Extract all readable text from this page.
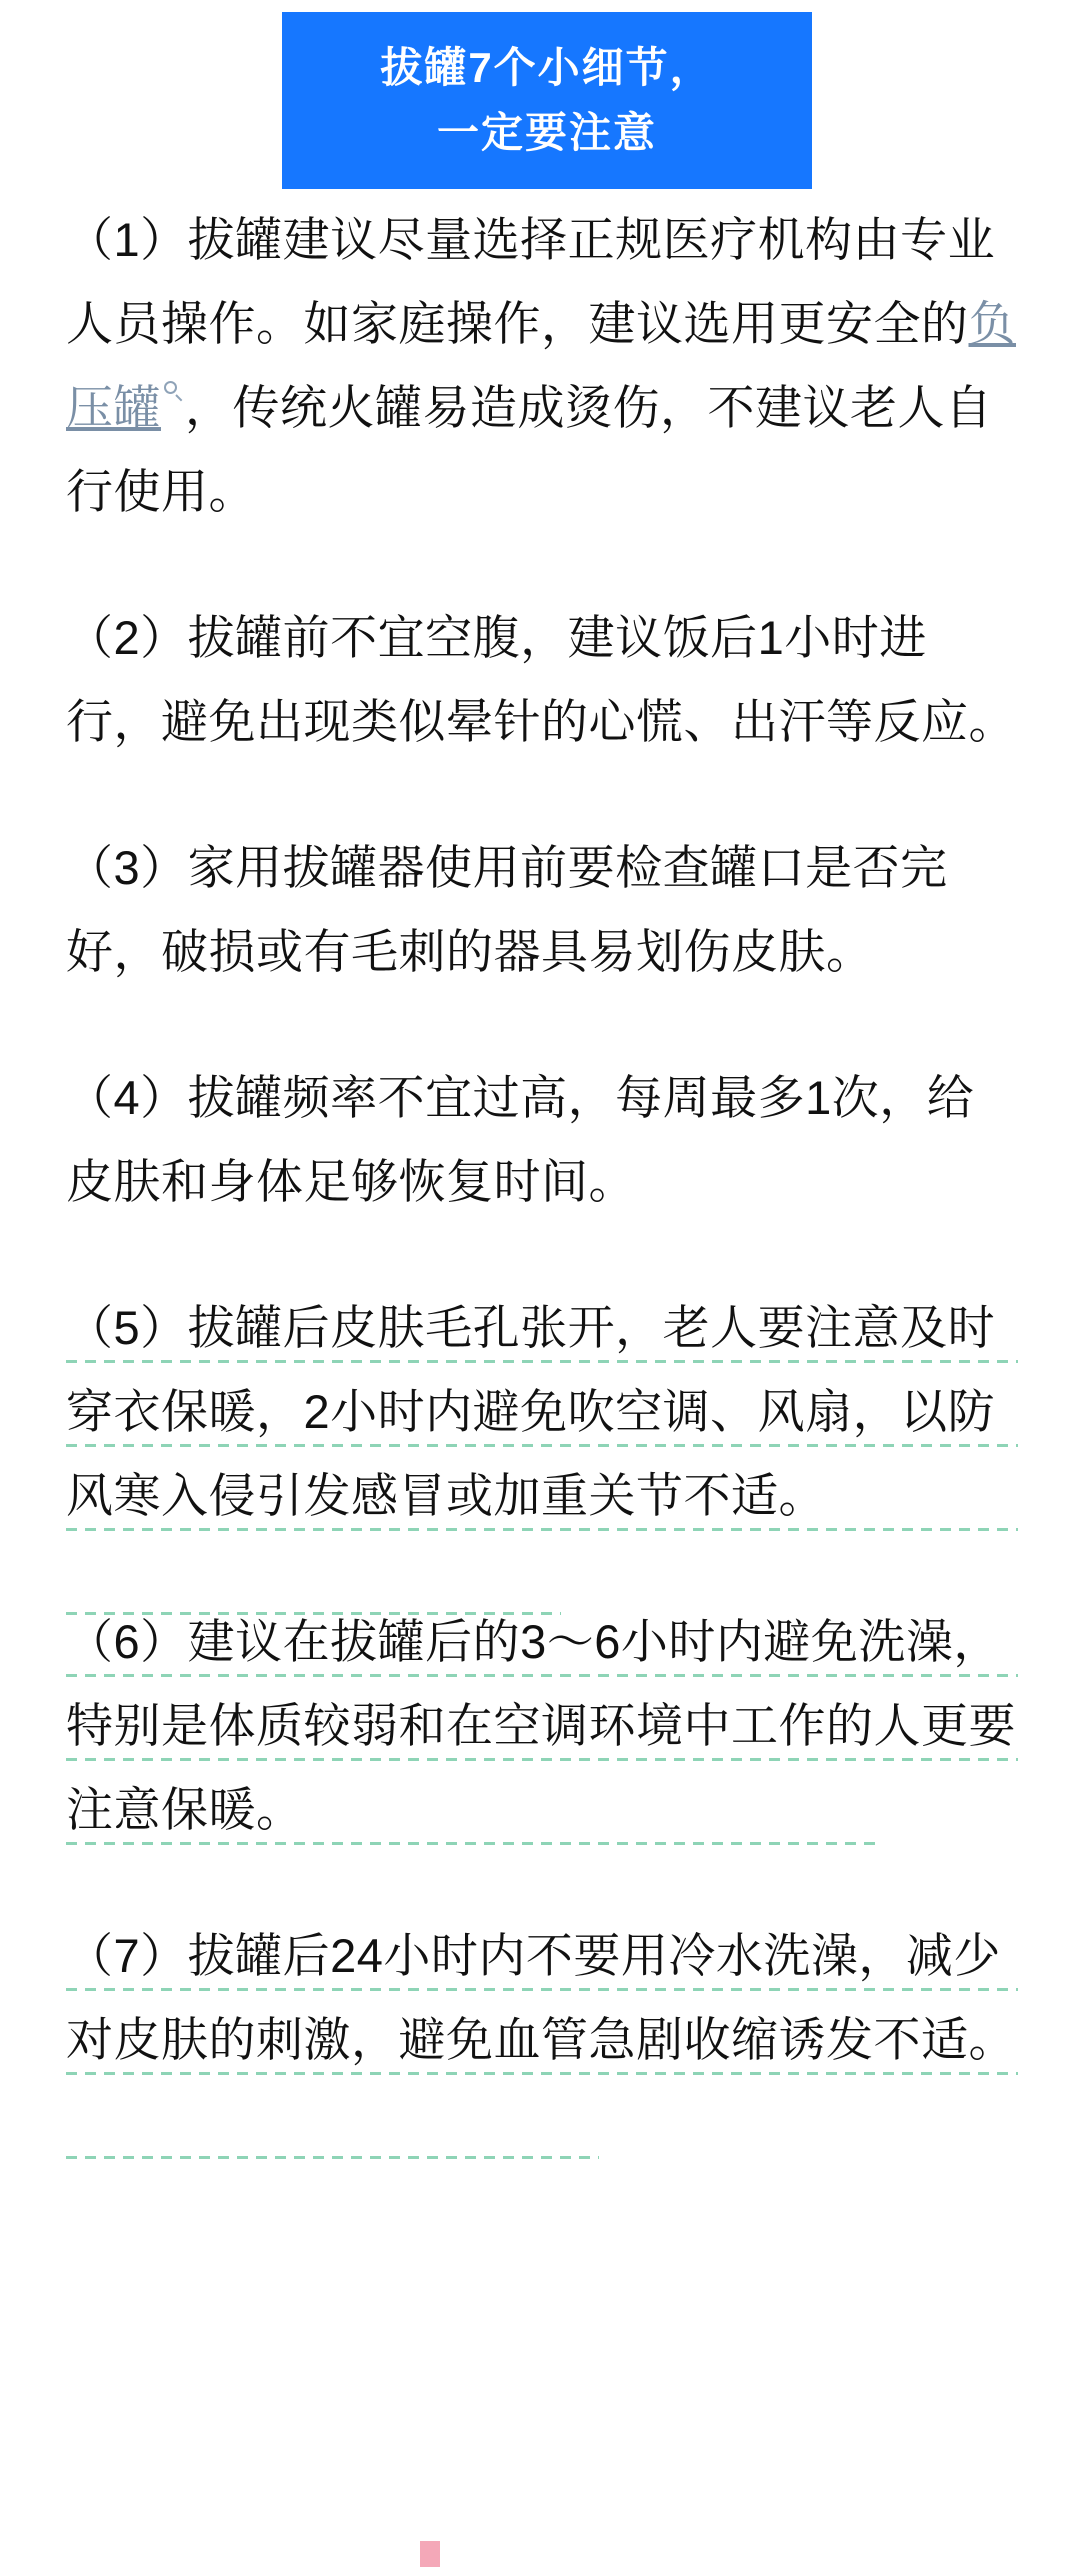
拔罐7个小细节，
一定要注意

（1）拔罐建议尽量选择正规医疗机构由专业人员操作。如家庭操作，建议选用更安全的负压罐 ，传统火罐易造成烫伤，不建议老人自行使用。

（2）拔罐前不宜空腹，建议饭后1小时进行，避免出现类似晕针的心慌、出汗等反应。

（3）家用拔罐器使用前要检查罐口是否完好，破损或有毛刺的器具易划伤皮肤。

（4）拔罐频率不宜过高，每周最多1次，给皮肤和身体足够恢复时间。

（5）拔罐后皮肤毛孔张开，老人要注意及时穿衣保暖，2小时内避免吹空调、风扇，以防风寒入侵引发感冒或加重关节不适。

（6）建议在拔罐后的3～6小时内避免洗澡，特别是体质较弱和在空调环境中工作的人更要注意保暖。

（7）拔罐后24小时内不要用冷水洗澡，减少对皮肤的刺激，避免血管急剧收缩诱发不适。
